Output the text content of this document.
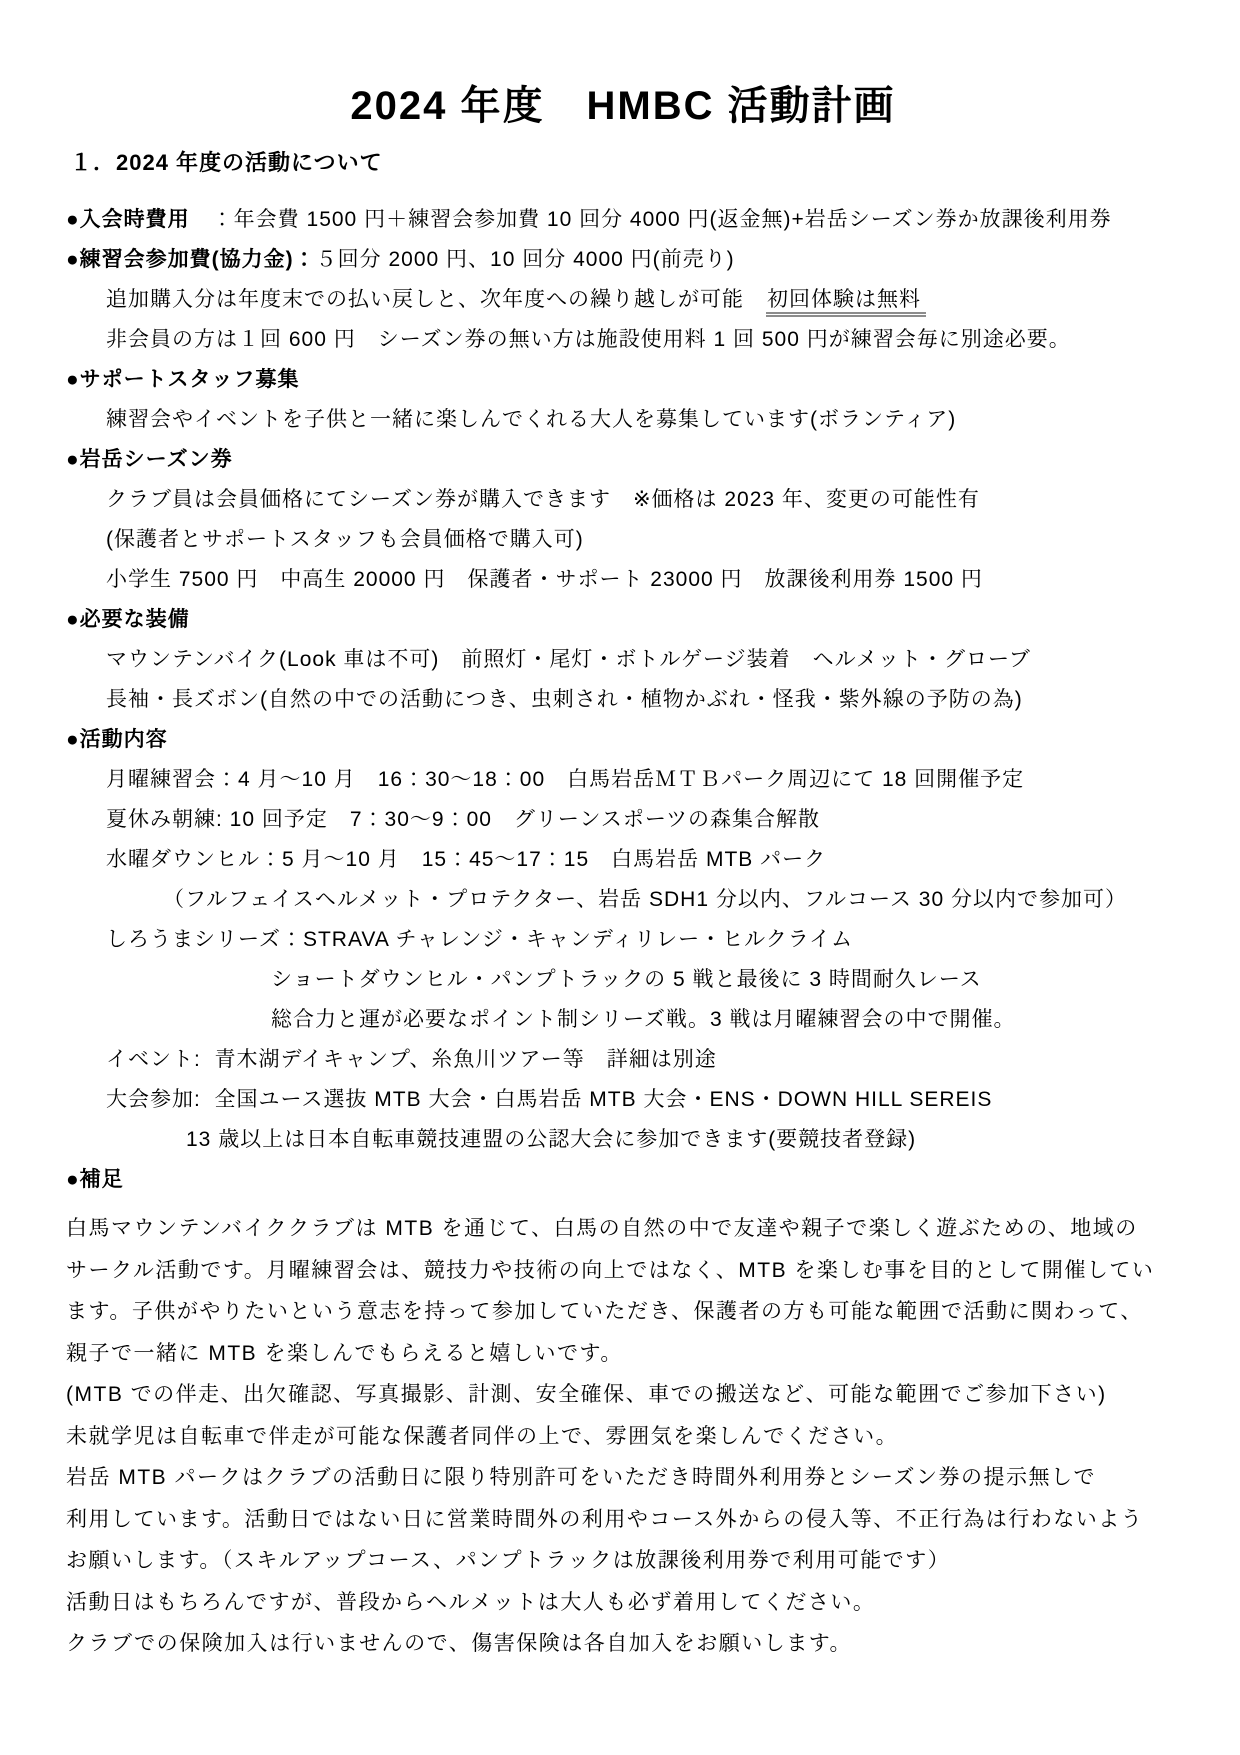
2024 年度　HMBC 活動計画
１．2024 年度の活動について
●入会時費用　：年会費 1500 円＋練習会参加費 10 回分 4000 円(返金無)+岩岳シーズン券か放課後利用券
●練習会参加費(協力金)：５回分 2000 円、10 回分 4000 円(前売り)
追加購入分は年度末での払い戻しと、次年度への繰り越しが可能　初回体験は無料
非会員の方は１回 600 円　シーズン券の無い方は施設使用料 1 回 500 円が練習会毎に別途必要。
●サポートスタッフ募集
練習会やイベントを子供と一緒に楽しんでくれる大人を募集しています(ボランティア)
●岩岳シーズン券
クラブ員は会員価格にてシーズン券が購入できます　※価格は 2023 年、変更の可能性有
(保護者とサポートスタッフも会員価格で購入可)
小学生 7500 円　中高生 20000 円　保護者・サポート 23000 円　放課後利用券 1500 円
●必要な装備
マウンテンバイク(Look 車は不可)　前照灯・尾灯・ボトルゲージ装着　ヘルメット・グローブ
長袖・長ズボン(自然の中での活動につき、虫刺され・植物かぶれ・怪我・紫外線の予防の為)
●活動内容
月曜練習会：4 月～10 月　16：30～18：00　白馬岩岳ＭＴＢパーク周辺にて 18 回開催予定
夏休み朝練: 10 回予定　7：30～9：00　グリーンスポーツの森集合解散
水曜ダウンヒル：5 月～10 月　15：45～17：15　白馬岩岳 MTB パーク
（フルフェイスヘルメット・プロテクター、岩岳 SDH1 分以内、フルコース 30 分以内で参加可）
しろうまシリーズ：STRAVA チャレンジ・キャンディリレー・ヒルクライム
ショートダウンヒル・パンプトラックの 5 戦と最後に 3 時間耐久レース
総合力と運が必要なポイント制シリーズ戦。3 戦は月曜練習会の中で開催。
イベント:  青木湖デイキャンプ、糸魚川ツアー等　詳細は別途
大会参加:  全国ユース選抜 MTB 大会・白馬岩岳 MTB 大会・ENS・DOWN HILL SEREIS
13 歳以上は日本自転車競技連盟の公認大会に参加できます(要競技者登録)
●補足
白馬マウンテンバイククラブは MTB を通じて、白馬の自然の中で友達や親子で楽しく遊ぶための、地域の
サークル活動です。月曜練習会は、競技力や技術の向上ではなく、MTB を楽しむ事を目的として開催してい
ます。子供がやりたいという意志を持って参加していただき、保護者の方も可能な範囲で活動に関わって、
親子で一緒に MTB を楽しんでもらえると嬉しいです。
(MTB での伴走、出欠確認、写真撮影、計測、安全確保、車での搬送など、可能な範囲でご参加下さい)
未就学児は自転車で伴走が可能な保護者同伴の上で、雰囲気を楽しんでください。
岩岳 MTB パークはクラブの活動日に限り特別許可をいただき時間外利用券とシーズン券の提示無しで
利用しています。活動日ではない日に営業時間外の利用やコース外からの侵入等、不正行為は行わないよう
お願いします。（スキルアップコース、パンプトラックは放課後利用券で利用可能です）
活動日はもちろんですが、普段からヘルメットは大人も必ず着用してください。
クラブでの保険加入は行いませんので、傷害保険は各自加入をお願いします。
